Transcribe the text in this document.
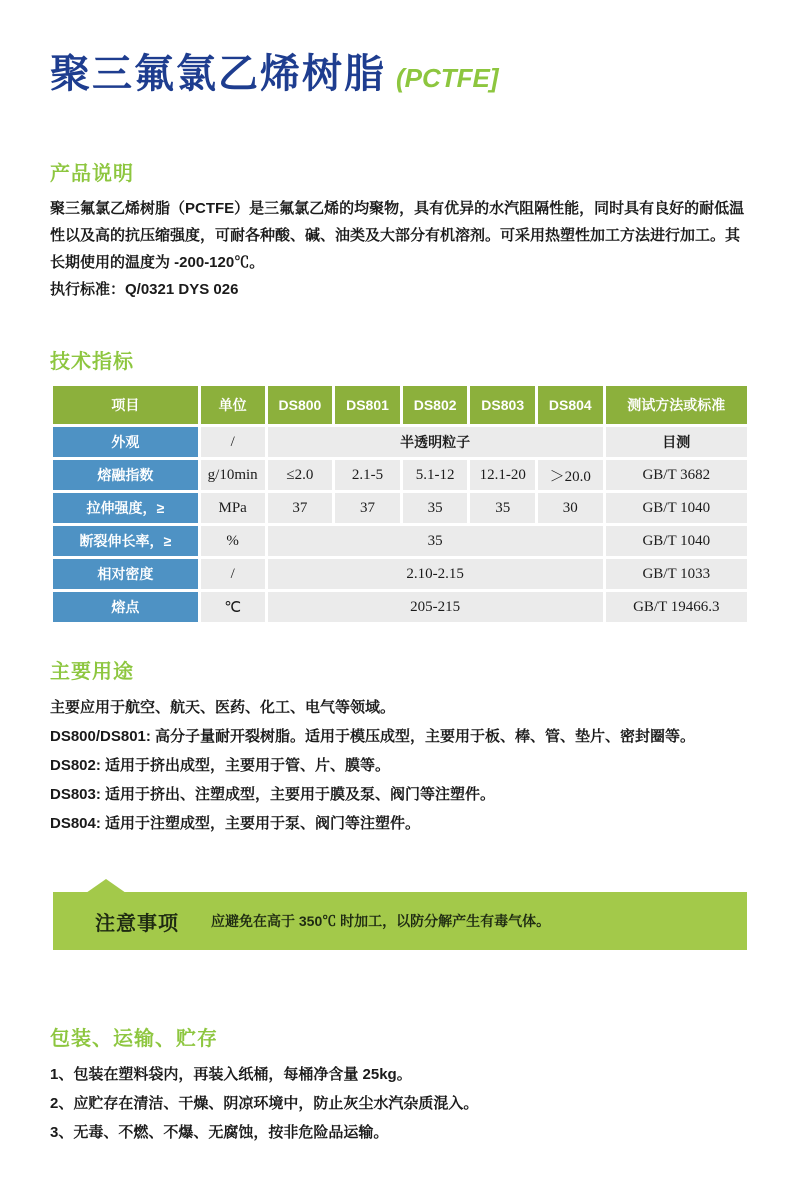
聚三氟氯乙烯树脂 (PCTFE]
产品说明

聚三氟氯乙烯树脂（PCTFE）是三氟氯乙烯的均聚物，具有优异的水汽阻隔性能，同时具有良好的耐低温性以及高的抗压缩强度，可耐各种酸、碱、油类及大部分有机溶剂。可采用热塑性加工方法进行加工。其长期使用的温度为 -200-120℃。

执行标准：Q/0321 DYS 026

技术指标
项目	单位	DS800	DS801	DS802	DS803	DS804	测试方法或标准
外观	/	半透明粒子					目测
熔融指数	g/10min	≤2.0	2.1-5	5.1-12	12.1-20	＞20.0	GB/T 3682
拉伸强度，≥	MPa	37	37	35	35	30	GB/T 1040
断裂伸长率，≥	%	35					GB/T 1040
相对密度	/	2.10-2.15					GB/T 1033
熔点	℃	205-215					GB/T 19466.3
主要用途

主要应用于航空、航天、医药、化工、电气等领域。

DS800/DS801: 高分子量耐开裂树脂。适用于模压成型，主要用于板、棒、管、垫片、密封圈等。

DS802: 适用于挤出成型，主要用于管、片、膜等。

DS803: 适用于挤出、注塑成型，主要用于膜及泵、阀门等注塑件。

DS804: 适用于注塑成型，主要用于泵、阀门等注塑件。

注意事项 应避免在高于 350℃ 时加工，以防分解产生有毒气体。
包装、运输、贮存

1、包装在塑料袋内，再装入纸桶，每桶净含量 25kg。

2、应贮存在清洁、干燥、阴凉环境中，防止灰尘水汽杂质混入。

3、无毒、不燃、不爆、无腐蚀，按非危险品运输。
